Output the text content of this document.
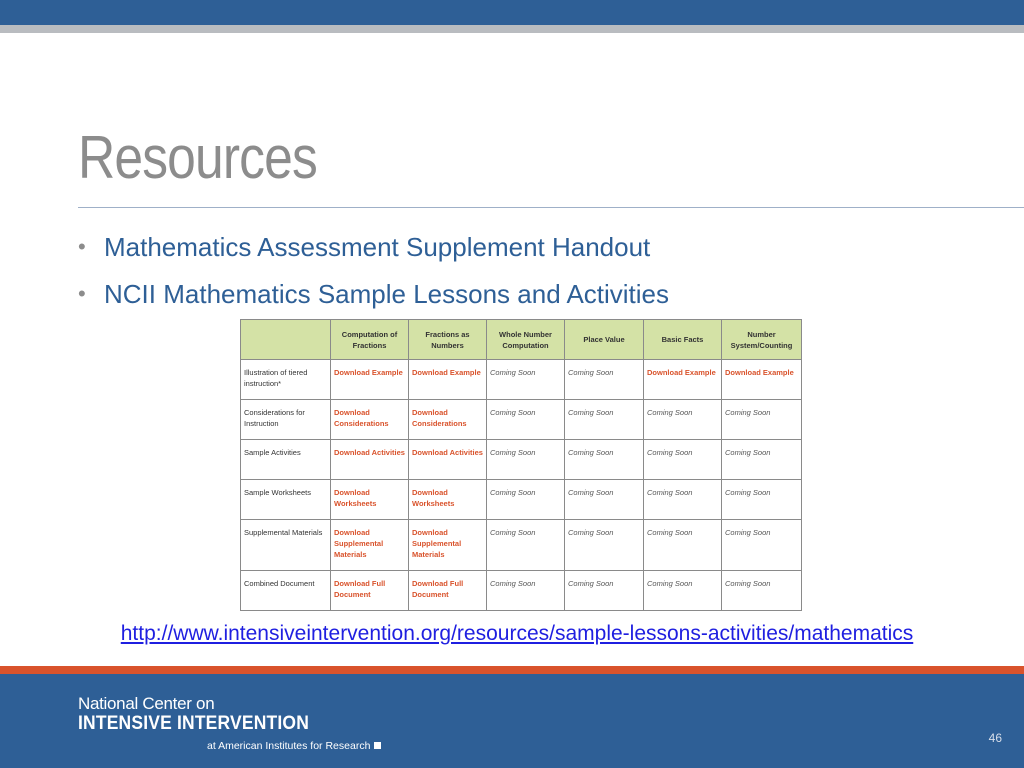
Resources
• Mathematics Assessment Supplement Handout
• NCII Mathematics Sample Lessons and Activities
	Computation of Fractions	Fractions as Numbers	Whole Number Computation	Place Value	Basic Facts	Number System/Counting
Illustration of tiered instruction*	Download Example	Download Example	Coming Soon	Coming Soon	Download Example	Download Example
Considerations for Instruction	Download Considerations	Download Considerations	Coming Soon	Coming Soon	Coming Soon	Coming Soon
Sample Activities	Download Activities	Download Activities	Coming Soon	Coming Soon	Coming Soon	Coming Soon
Sample Worksheets	Download Worksheets	Download Worksheets	Coming Soon	Coming Soon	Coming Soon	Coming Soon
Supplemental Materials	Download Supplemental Materials	Download Supplemental Materials	Coming Soon	Coming Soon	Coming Soon	Coming Soon
Combined Document	Download Full Document	Download Full Document	Coming Soon	Coming Soon	Coming Soon	Coming Soon
http://www.intensiveintervention.org/resources/sample-lessons-activities/mathematics
National Center on
INTENSIVE INTERVENTION
at American Institutes for Research
46
